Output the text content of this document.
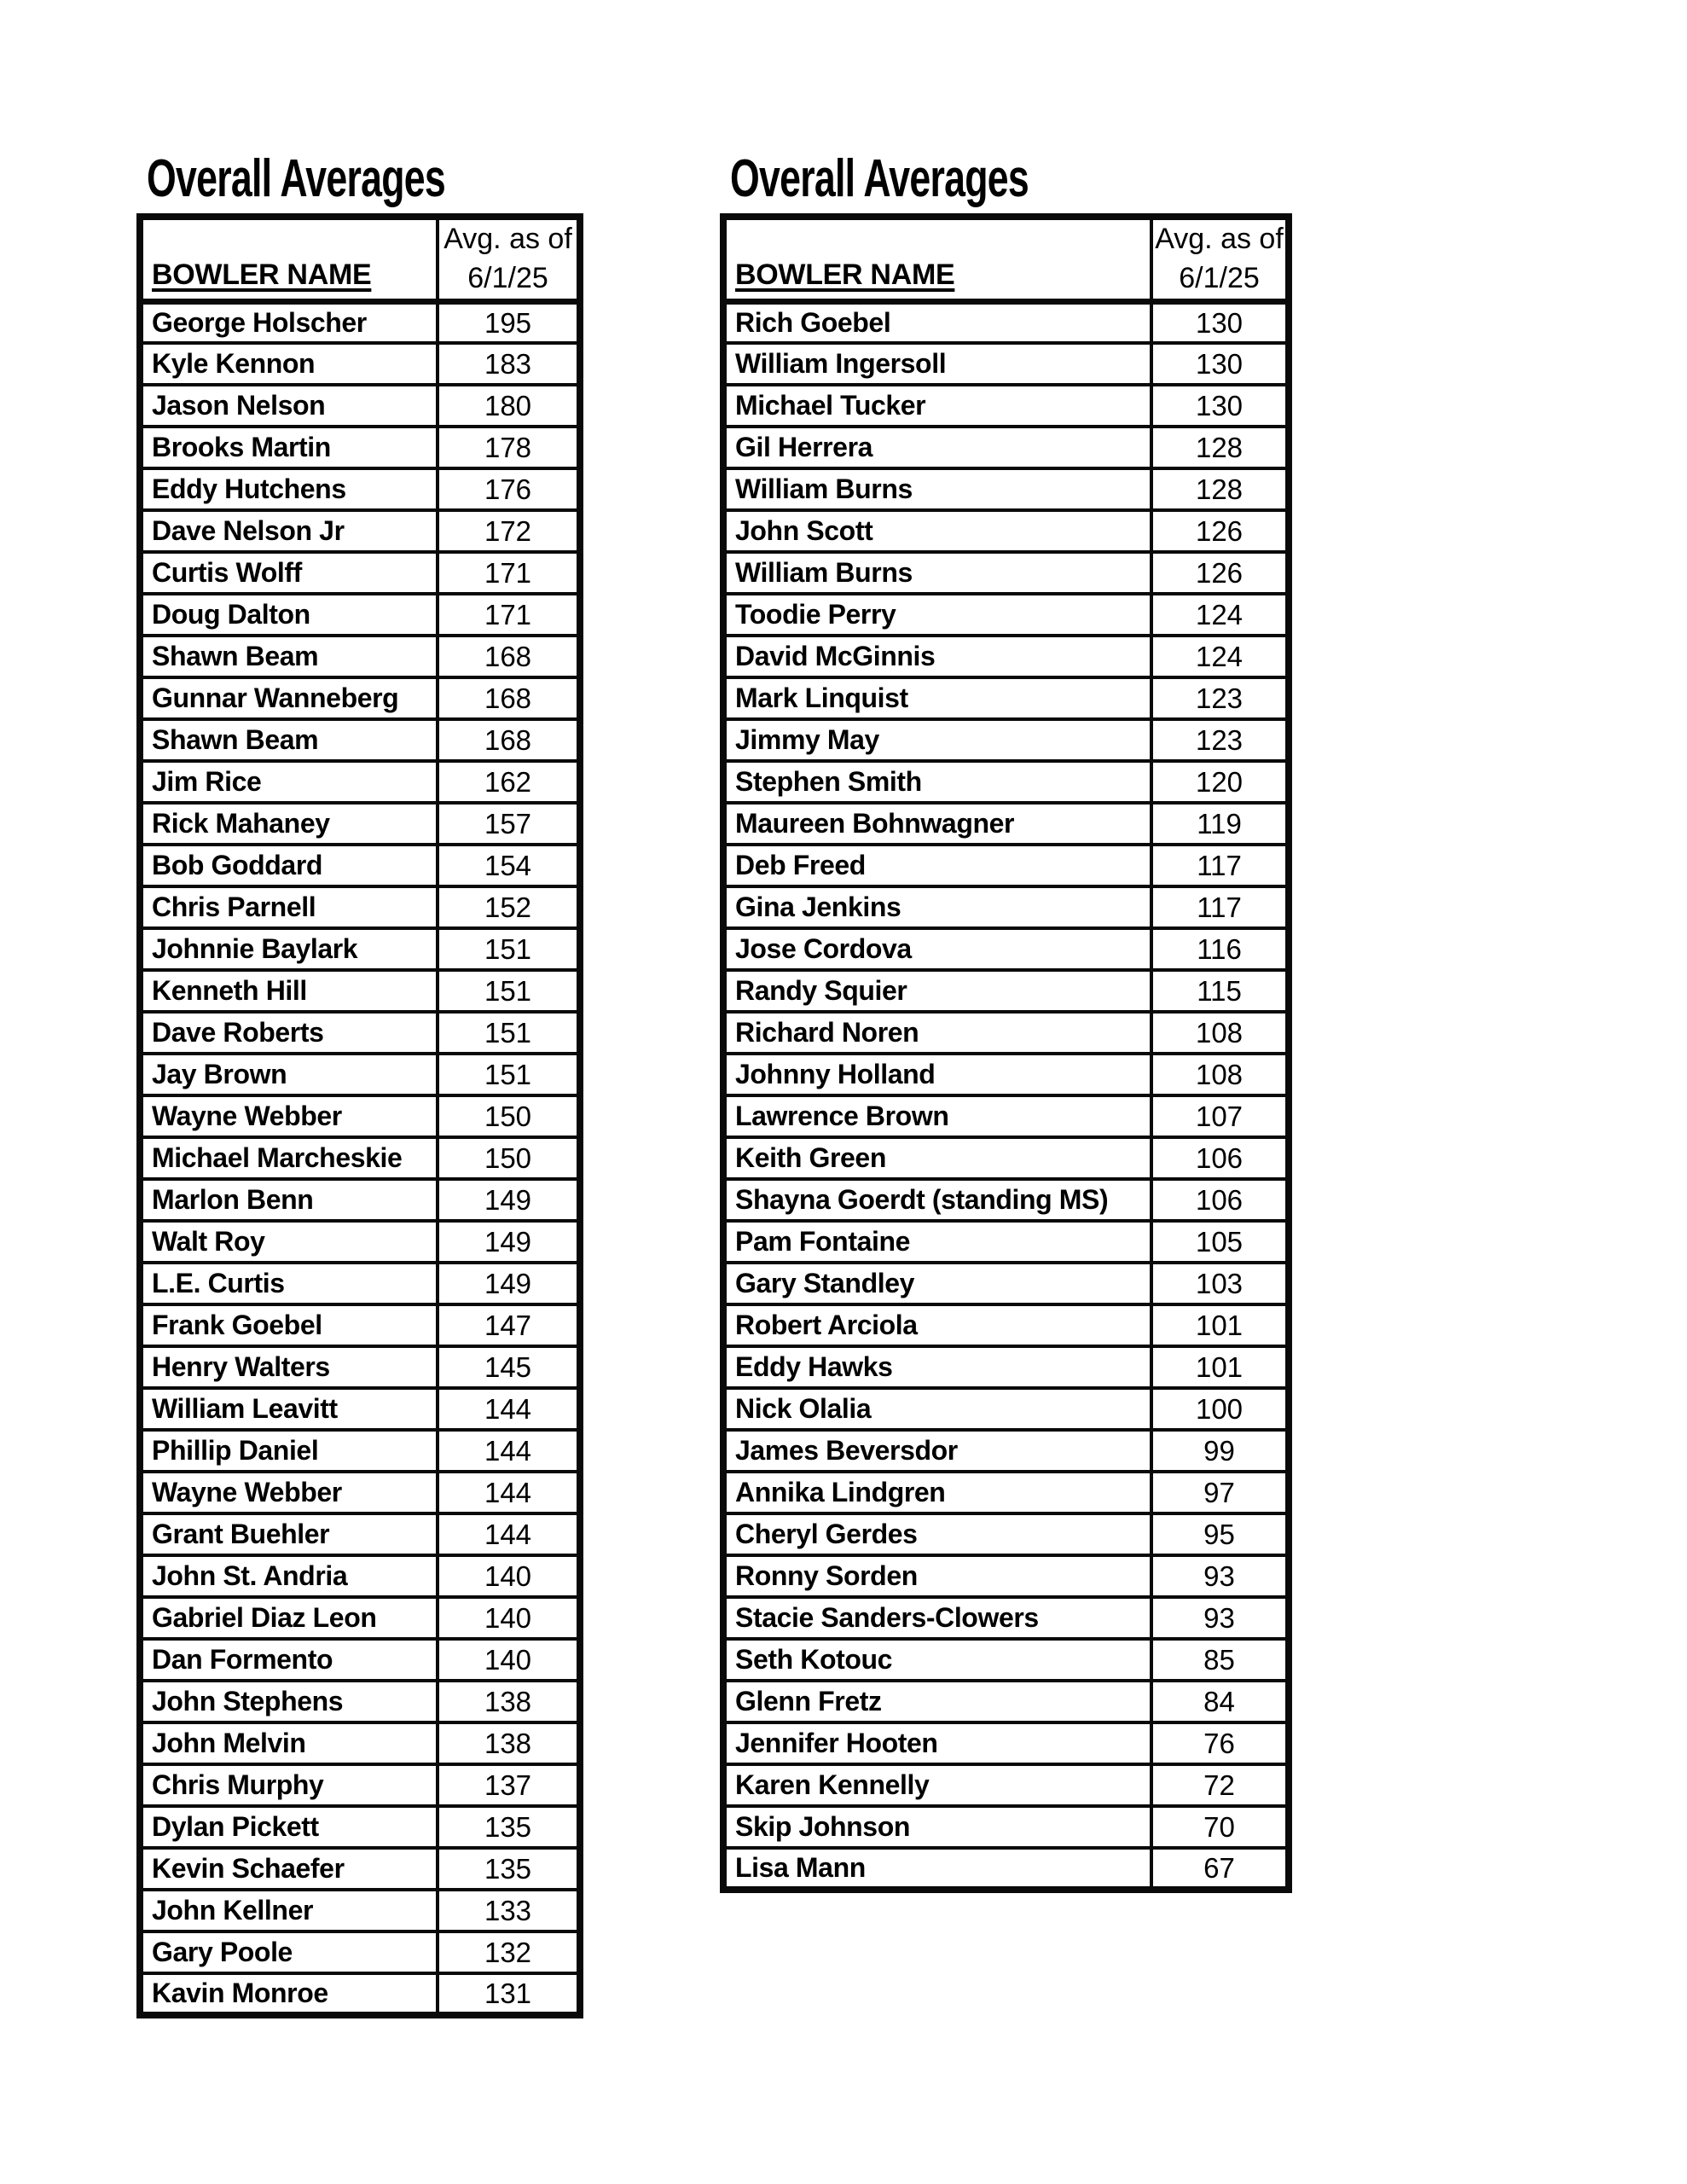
Overall Averages
BOWLER NAME	Avg. as of
6/1/25

George Holscher	195
Kyle Kennon	183
Jason Nelson	180
Brooks Martin	178
Eddy Hutchens	176
Dave Nelson Jr	172
Curtis Wolff	171
Doug Dalton	171
Shawn Beam	168
Gunnar Wanneberg	168
Shawn Beam	168
Jim Rice	162
Rick Mahaney	157
Bob Goddard	154
Chris Parnell	152
Johnnie Baylark	151
Kenneth Hill	151
Dave Roberts	151
Jay Brown	151
Wayne Webber	150
Michael Marcheskie	150
Marlon Benn	149
Walt Roy	149
L.E. Curtis	149
Frank Goebel	147
Henry Walters	145
William Leavitt	144
Phillip Daniel	144
Wayne Webber	144
Grant Buehler	144
John St. Andria	140
Gabriel Diaz Leon	140
Dan Formento	140
John Stephens	138
John Melvin	138
Chris Murphy	137
Dylan Pickett	135
Kevin Schaefer	135
John Kellner	133
Gary Poole	132
Kavin Monroe	131
Overall Averages
BOWLER NAME	Avg. as of
6/1/25

Rich Goebel	130
William Ingersoll	130
Michael Tucker	130
Gil Herrera	128
William Burns	128
John Scott	126
William Burns	126
Toodie Perry	124
David McGinnis	124
Mark Linquist	123
Jimmy May	123
Stephen Smith	120
Maureen Bohnwagner	119
Deb Freed	117
Gina Jenkins	117
Jose Cordova	116
Randy Squier	115
Richard Noren	108
Johnny Holland	108
Lawrence Brown	107
Keith Green	106
Shayna Goerdt (standing MS)	106
Pam Fontaine	105
Gary Standley	103
Robert Arciola	101
Eddy Hawks	101
Nick Olalia	100
James Beversdor	99
Annika Lindgren	97
Cheryl Gerdes	95
Ronny Sorden	93
Stacie Sanders-Clowers	93
Seth Kotouc	85
Glenn Fretz	84
Jennifer Hooten	76
Karen Kennelly	72
Skip Johnson	70
Lisa Mann	67
